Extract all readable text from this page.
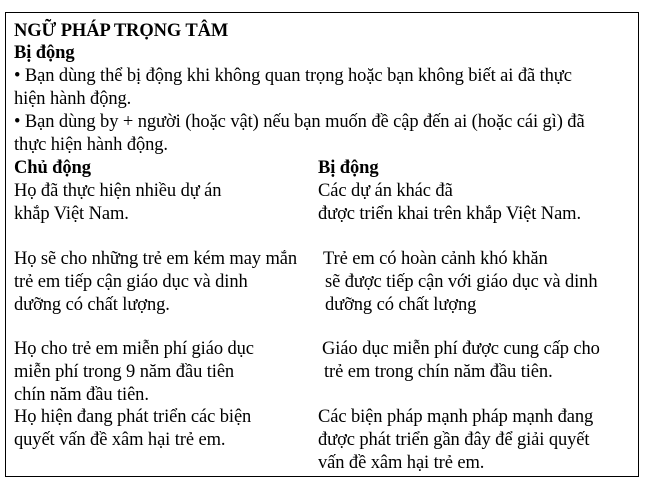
NGỮ PHÁP TRỌNG TÂM
Bị động
• Bạn dùng thể bị động khi không quan trọng hoặc bạn không biết ai đã thực
hiện hành động.
• Bạn dùng by + người (hoặc vật) nếu bạn muốn đề cập đến ai (hoặc cái gì) đã
thực hiện hành động.
Chủ động	Bị động
Họ đã thực hiện nhiều dự án
khắp Việt Nam.
Các dự án khác đã
được triển khai trên khắp Việt Nam.
Họ sẽ cho những trẻ em kém may mắn
trẻ em tiếp cận giáo dục và dinh
dưỡng có chất lượng.
Trẻ em có hoàn cảnh khó khăn
sẽ được tiếp cận với giáo dục và dinh
dưỡng có chất lượng
Họ cho trẻ em miễn phí giáo dục
miễn phí trong 9 năm đầu tiên
chín năm đầu tiên.
Giáo dục miễn phí được cung cấp cho
trẻ em trong chín năm đầu tiên.
Họ hiện đang phát triển các biện
quyết vấn đề xâm hại trẻ em.
Các biện pháp mạnh pháp mạnh đang
được phát triển gần đây để giải quyết
vấn đề xâm hại trẻ em.
